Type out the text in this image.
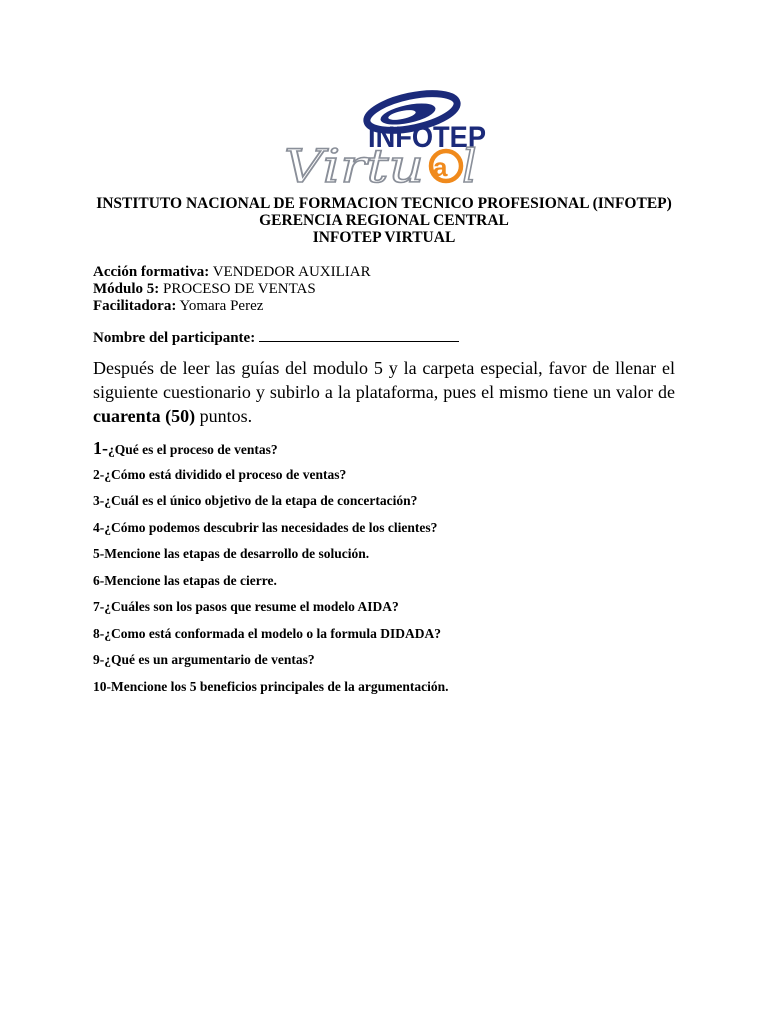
INFOTEP
Virtu a l
INSTITUTO NACIONAL DE FORMACION TECNICO PROFESIONAL (INFOTEP)
GERENCIA REGIONAL CENTRAL
INFOTEP VIRTUAL
Acción formativa: VENDEDOR AUXILIAR
Módulo 5: PROCESO DE VENTAS
Facilitadora: Yomara Perez
Nombre del participante:
Después de leer las guías del modulo 5 y la carpeta especial, favor de llenar el siguiente cuestionario y subirlo a la plataforma, pues el mismo tiene un valor de cuarenta (50) puntos.
1-¿Qué es el proceso de ventas?
2-¿Cómo está dividido el proceso de ventas?
3-¿Cuál es el único objetivo de la etapa de concertación?
4-¿Cómo podemos descubrir las necesidades de los clientes?
5-Mencione las etapas de desarrollo de solución.
6-Mencione las etapas de cierre.
7-¿Cuáles son los pasos que resume el modelo AIDA?
8-¿Como está conformada el modelo o la formula DIDADA?
9-¿Qué es un argumentario de ventas?
10-Mencione los 5 beneficios principales de la argumentación.
